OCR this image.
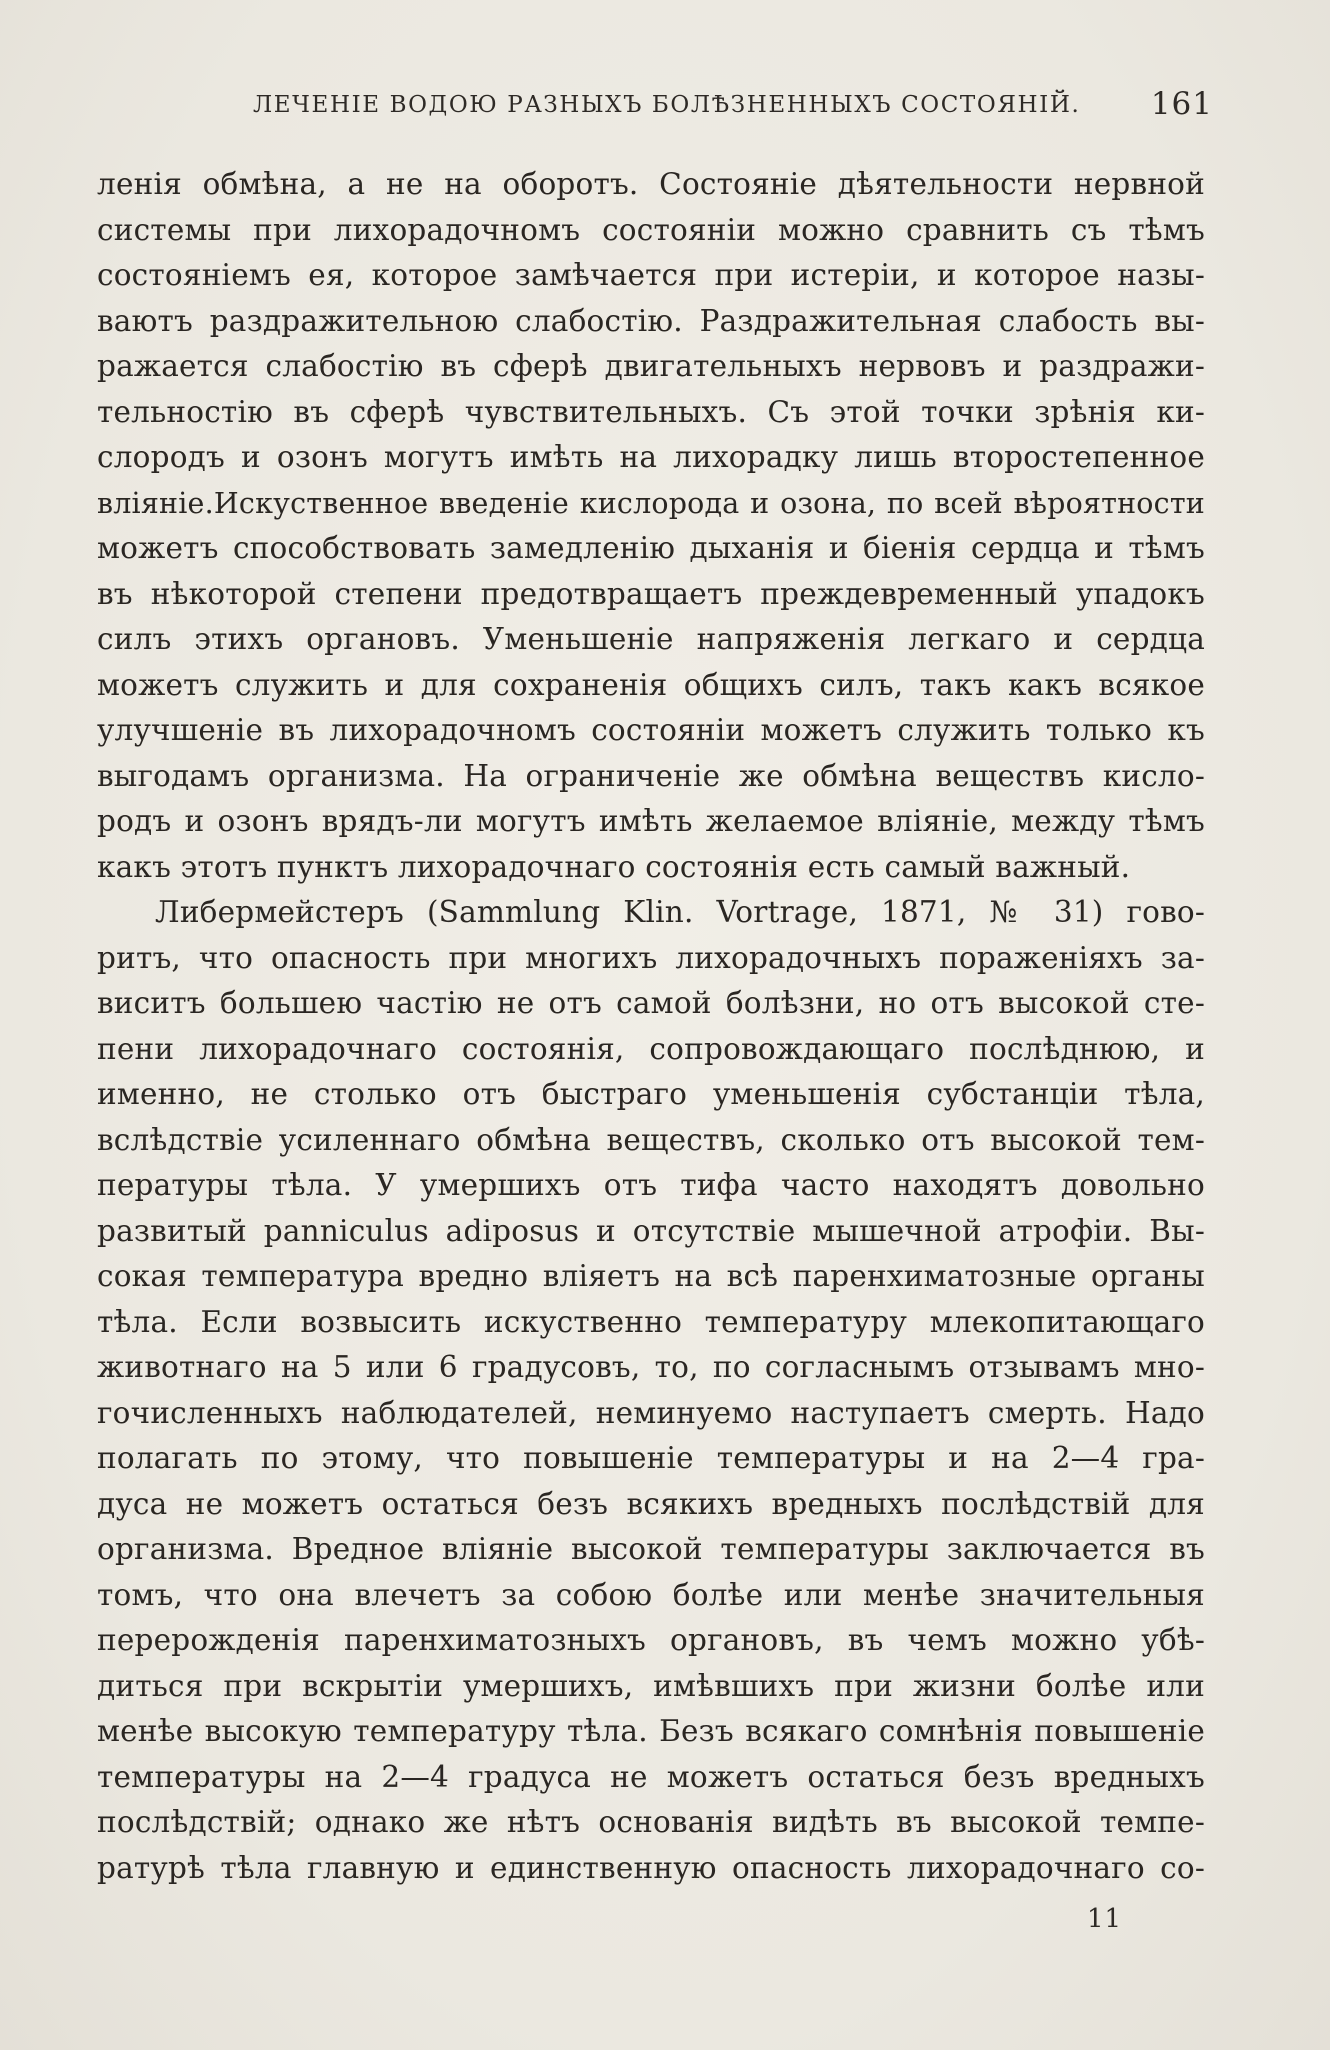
ЛЕЧЕНІЕ ВОДОЮ РАЗНЫХЪ БОЛѢЗНЕННЫХЪ СОСТОЯНІЙ. 161
ленія обмѣна, а не на оборотъ. Состояніе дѣятельности нервной
системы при лихорадочномъ состояніи можно сравнить съ тѣмъ
состояніемъ ея, которое замѣчается при истеріи, и которое назы-
ваютъ раздражительною слабостію. Раздражительная слабость вы-
ражается слабостію въ сферѣ двигательныхъ нервовъ и раздражи-
тельностію въ сферѣ чувствительныхъ. Съ этой точки зрѣнія ки-
слородъ и озонъ могутъ имѣть на лихорадку лишь второстепенное
вліяніе.Искуственное введеніе кислорода и озона, по всей вѣроятности
можетъ способствовать замедленію дыханія и біенія сердца и тѣмъ
въ нѣкоторой степени предотвращаетъ преждевременный упадокъ
силъ этихъ органовъ. Уменьшеніе напряженія легкаго и сердца
можетъ служить и для сохраненія общихъ силъ, такъ какъ всякое
улучшеніе въ лихорадочномъ состояніи можетъ служить только къ
выгодамъ организма. На ограниченіе же обмѣна веществъ кисло-
родъ и озонъ врядъ-ли могутъ имѣть желаемое вліяніе, между тѣмъ
какъ этотъ пунктъ лихорадочнаго состоянія есть самый важный.
Либермейстеръ (Sammlung Klin. Vortrage, 1871, № 31) гово-
ритъ, что опасность при многихъ лихорадочныхъ пораженіяхъ за-
виситъ большею частію не отъ самой болѣзни, но отъ высокой сте-
пени лихорадочнаго состоянія, сопровождающаго послѣднюю, и
именно, не столько отъ быстраго уменьшенія субстанціи тѣла,
вслѣдствіе усиленнаго обмѣна веществъ, сколько отъ высокой тем-
пературы тѣла. У умершихъ отъ тифа часто находятъ довольно
развитый panniculus adiposus и отсутствіе мышечной атрофіи. Вы-
сокая температура вредно вліяетъ на всѣ паренхиматозные органы
тѣла. Если возвысить искуственно температуру млекопитающаго
животнаго на 5 или 6 градусовъ, то, по согласнымъ отзывамъ мно-
гочисленныхъ наблюдателей, неминуемо наступаетъ смерть. Надо
полагать по этому, что повышеніе температуры и на 2—4 гра-
дуса не можетъ остаться безъ всякихъ вредныхъ послѣдствій для
организма. Вредное вліяніе высокой температуры заключается въ
томъ, что она влечетъ за собою болѣе или менѣе значительныя
перерожденія паренхиматозныхъ органовъ, въ чемъ можно убѣ-
диться при вскрытіи умершихъ, имѣвшихъ при жизни болѣе или
менѣе высокую температуру тѣла. Безъ всякаго сомнѣнія повышеніе
температуры на 2—4 градуса не можетъ остаться безъ вредныхъ
послѣдствій; однако же нѣтъ основанія видѣть въ высокой темпе-
ратурѣ тѣла главную и единственную опасность лихорадочнаго со-
11
